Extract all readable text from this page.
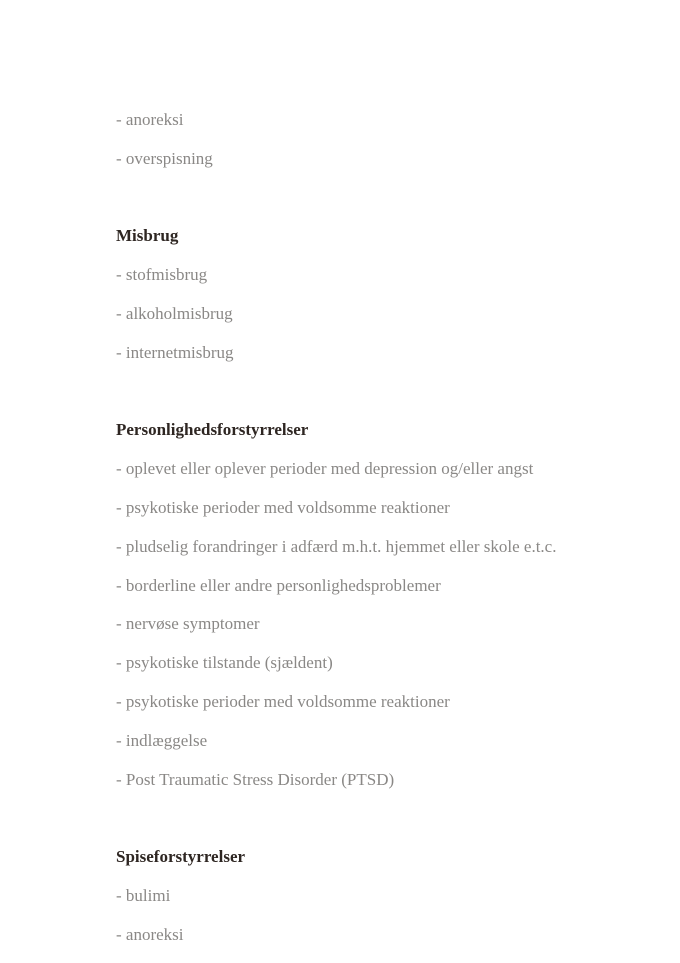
- anoreksi
- overspisning
Misbrug
- stofmisbrug
- alkoholmisbrug
- internetmisbrug
Personlighedsforstyrrelser
- oplevet eller oplever perioder med depression og/eller angst
- psykotiske perioder med voldsomme reaktioner
- pludselig forandringer i adfærd m.h.t. hjemmet eller skole e.t.c.
- borderline eller andre personlighedsproblemer
- nervøse symptomer
- psykotiske tilstande (sjældent)
- psykotiske perioder med voldsomme reaktioner
- indlæggelse
- Post Traumatic Stress Disorder (PTSD)
Spiseforstyrrelser
- bulimi
- anoreksi
